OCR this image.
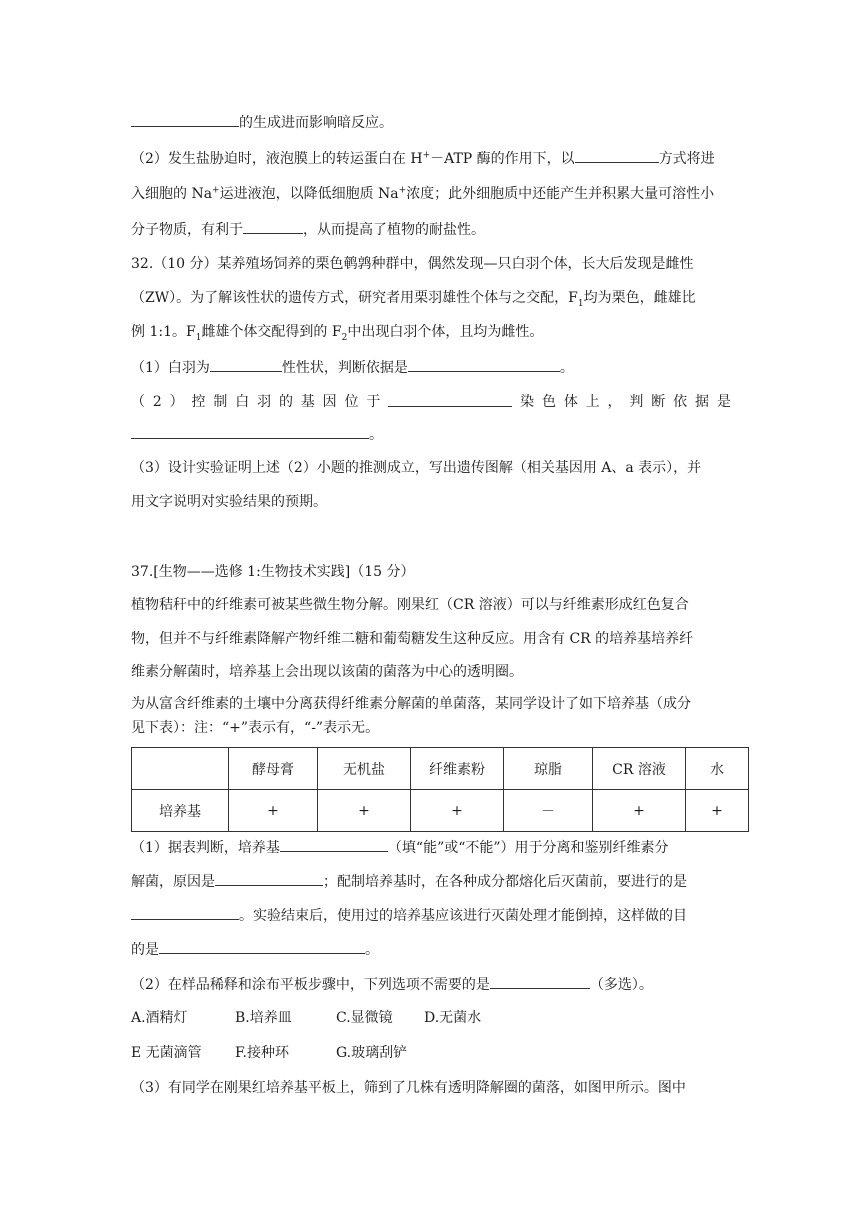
的生成进而影响暗反应。
（2）发生盐胁迫时，液泡膜上的转运蛋白在 H+－ATP 酶的作用下，以	方式将进
入细胞的 Na+运进液泡，以降低细胞质 Na+浓度；此外细胞质中还能产生并积累大量可溶性小
分子物质，有利于	，从而提高了植物的耐盐性。
32.（10 分）某养殖场饲养的栗色鹌鹑种群中，偶然发现—只白羽个体，长大后发现是雌性
（ZW）。为了解该性状的遗传方式，研究者用栗羽雄性个体与之交配，$F_1$均为栗色，雌雄比
例 1:1。$F_1$雌雄个体交配得到的 $F_2$中出现白羽个体，且均为雌性。
（1）白羽为	性性状，判断依据是	。
（ 2 ） 控 制 白 羽 的 基 因 位 于	染 色 体 上 ， 判 断 依 据 是
。
（3）设计实验证明上述（2）小题的推测成立，写出遗传图解（相关基因用 A、a 表示），并
用文字说明对实验结果的预期。
37.[生物——选修 1:生物技术实践]（15 分）
植物秸秆中的纤维素可被某些微生物分解。刚果红（CR 溶液）可以与纤维素形成红色复合
物，但并不与纤维素降解产物纤维二糖和葡萄糖发生这种反应。用含有 CR 的培养基培养纤
维素分解菌时，培养基上会出现以该菌的菌落为中心的透明圈。
为从富含纤维素的土壤中分离获得纤维素分解菌的单菌落，某同学设计了如下培养基（成分
见下表）：注：“+”表示有，“-”表示无。
	酵母膏	无机盐	纤维素粉	琼脂	CR 溶液	水
培养基	+	+	+	－	+	+
（1）据表判断，培养基	（填“能”或“不能”）用于分离和鉴别纤维素分
解菌，原因是	；配制培养基时，在各种成分都熔化后灭菌前，要进行的是
。实验结束后，使用过的培养基应该进行灭菌处理才能倒掉，这样做的目
的是	。
（2）在样品稀释和涂布平板步骤中，下列选项不需要的是	（多选）。
A.酒精灯	B.培养皿	C.显微镜 D.无菌水
E 无菌滴管 F.接种环	G.玻璃刮铲
（3）有同学在刚果红培养基平板上，筛到了几株有透明降解圈的菌落，如图甲所示。图中
